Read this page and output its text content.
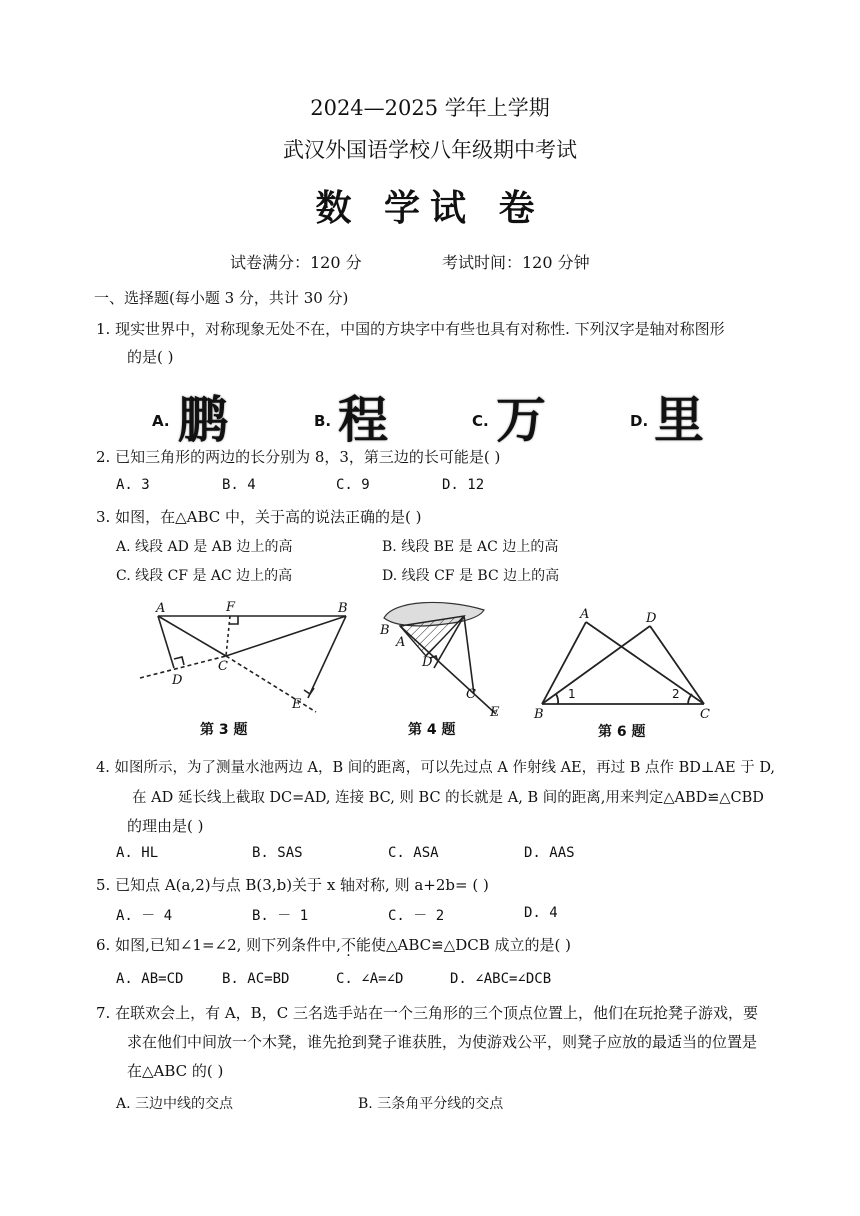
2024—2025 学年上学期
武汉外国语学校八年级期中考试
数 学试 卷
试卷满分：120 分	考试时间：120 分钟
一、选择题(每小题 3 分，共计 30 分)
1. 现实世界中，对称现象无处不在，中国的方块字中有些也具有对称性. 下列汉字是轴对称图形
的是( )
A. 鹏	B. 程	C. 万	D. 里
2. 已知三角形的两边的长分别为 8，3，第三边的长可能是( )
A. 3	B. 4	C. 9	D. 12
3. 如图，在△ABC 中，关于高的说法正确的是( )
A. 线段 AD 是 AB 边上的高	B. 线段 BE 是 AC 边上的高
C. 线段 CF 是 AC 边上的高	D. 线段 CF 是 BC 边上的高
A	F	B
C
D
E
第 3 题
B
A
D
C
E
第 4 题
A	D
B	C
1	2
第 6 题
4. 如图所示，为了测量水池两边 A，B 间的距离，可以先过点 A 作射线 AE，再过 B 点作 BD⊥AE 于 D,
在 AD 延长线上截取 DC=AD, 连接 BC, 则 BC 的长就是 A, B 间的距离,用来判定△ABD≌△CBD
的理由是( )
A. HL	B. SAS	C. ASA	D. AAS
5. 已知点 A(a,2)与点 B(3,b)关于 x 轴对称, 则 a+2b= ( )
A. － 4	B. － 1	C. － 2	D. 4
6. 如图,已知∠1=∠2, 则下列条件中,不能使△ABC≌△DCB 成立的是( )
A. AB=CD	B. AC=BD	C. ∠A=∠D	D. ∠ABC=∠DCB
7. 在联欢会上，有 A，B，C 三名选手站在一个三角形的三个顶点位置上，他们在玩抢凳子游戏，要
求在他们中间放一个木凳，谁先抢到凳子谁获胜，为使游戏公平，则凳子应放的最适当的位置是
在△ABC 的( )
A. 三边中线的交点	B. 三条角平分线的交点
